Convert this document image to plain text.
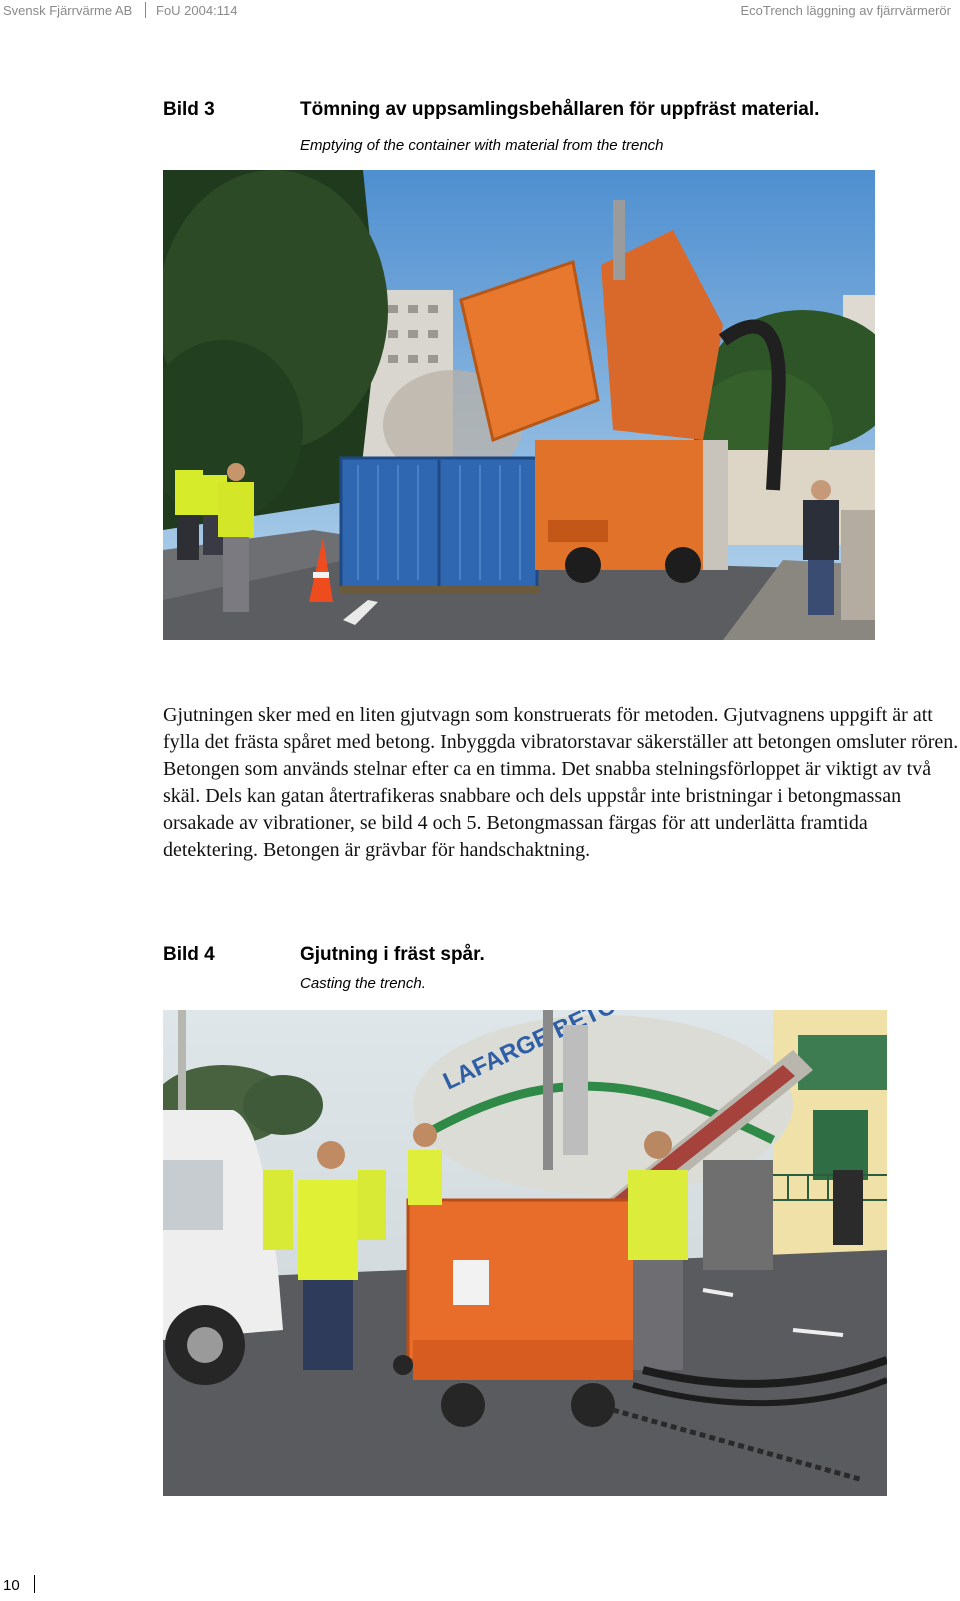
Svensk Fjärrvärme AB FoU 2004:114	EcoTrench läggning av fjärrvärmerör
Bild 3	Tömning av uppsamlingsbehållaren för uppfräst material.
Emptying of the container with material from the trench
Gjutningen sker med en liten gjutvagn som konstruerats för metoden. Gjutvagnens uppgift är att fylla det frästa spåret med betong. Inbyggda vibratorstavar säkerställer att betongen omsluter rören. Betongen som används stelnar efter ca en timma. Det snabba stelningsförloppet är viktigt av två skäl. Dels kan gatan återtrafikeras snabbare och dels uppstår inte bristningar i betongmassan orsakade av vibrationer, se bild 4 och 5. Betongmassan färgas för att underlätta framtida detektering. Betongen är grävbar för handschaktning.
Bild 4	Gjutning i fräst spår.
Casting the trench.
LAFARGE
10
